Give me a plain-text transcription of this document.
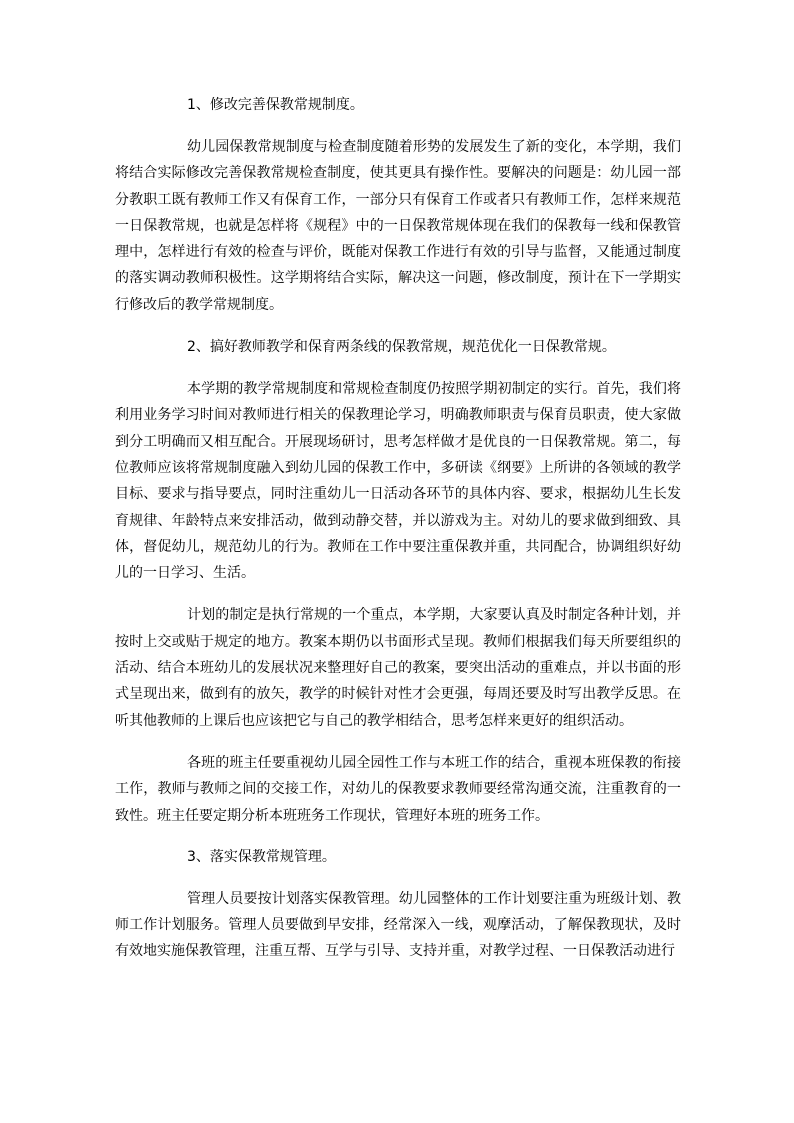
1、修改完善保教常规制度。

幼儿园保教常规制度与检查制度随着形势的发展发生了新的变化，本学期，我们将结合实际修改完善保教常规检查制度，使其更具有操作性。要解决的问题是：幼儿园一部分教职工既有教师工作又有保育工作，一部分只有保育工作或者只有教师工作，怎样来规范一日保教常规，也就是怎样将《规程》中的一日保教常规体现在我们的保教每一线和保教管理中，怎样进行有效的检查与评价，既能对保教工作进行有效的引导与监督，又能通过制度的落实调动教师积极性。这学期将结合实际，解决这一问题，修改制度，预计在下一学期实行修改后的教学常规制度。

2、搞好教师教学和保育两条线的保教常规，规范优化一日保教常规。

本学期的教学常规制度和常规检查制度仍按照学期初制定的实行。首先，我们将利用业务学习时间对教师进行相关的保教理论学习，明确教师职责与保育员职责，使大家做到分工明确而又相互配合。开展现场研讨，思考怎样做才是优良的一日保教常规。第二，每位教师应该将常规制度融入到幼儿园的保教工作中，多研读《纲要》上所讲的各领域的教学目标、要求与指导要点，同时注重幼儿一日活动各环节的具体内容、要求，根据幼儿生长发育规律、年龄特点来安排活动，做到动静交替，并以游戏为主。对幼儿的要求做到细致、具体，督促幼儿，规范幼儿的行为。教师在工作中要注重保教并重，共同配合，协调组织好幼儿的一日学习、生活。

计划的制定是执行常规的一个重点，本学期，大家要认真及时制定各种计划，并按时上交或贴于规定的地方。教案本期仍以书面形式呈现。教师们根据我们每天所要组织的活动、结合本班幼儿的发展状况来整理好自己的教案，要突出活动的重难点，并以书面的形式呈现出来，做到有的放矢，教学的时候针对性才会更强，每周还要及时写出教学反思。在听其他教师的上课后也应该把它与自己的教学相结合，思考怎样来更好的组织活动。

各班的班主任要重视幼儿园全园性工作与本班工作的结合，重视本班保教的衔接工作，教师与教师之间的交接工作，对幼儿的保教要求教师要经常沟通交流，注重教育的一致性。班主任要定期分析本班班务工作现状，管理好本班的班务工作。

3、落实保教常规管理。

管理人员要按计划落实保教管理。幼儿园整体的工作计划要注重为班级计划、教师工作计划服务。管理人员要做到早安排，经常深入一线，观摩活动，了解保教现状，及时有效地实施保教管理，注重互帮、互学与引导、支持并重，对教学过程、一日保教活动进行
